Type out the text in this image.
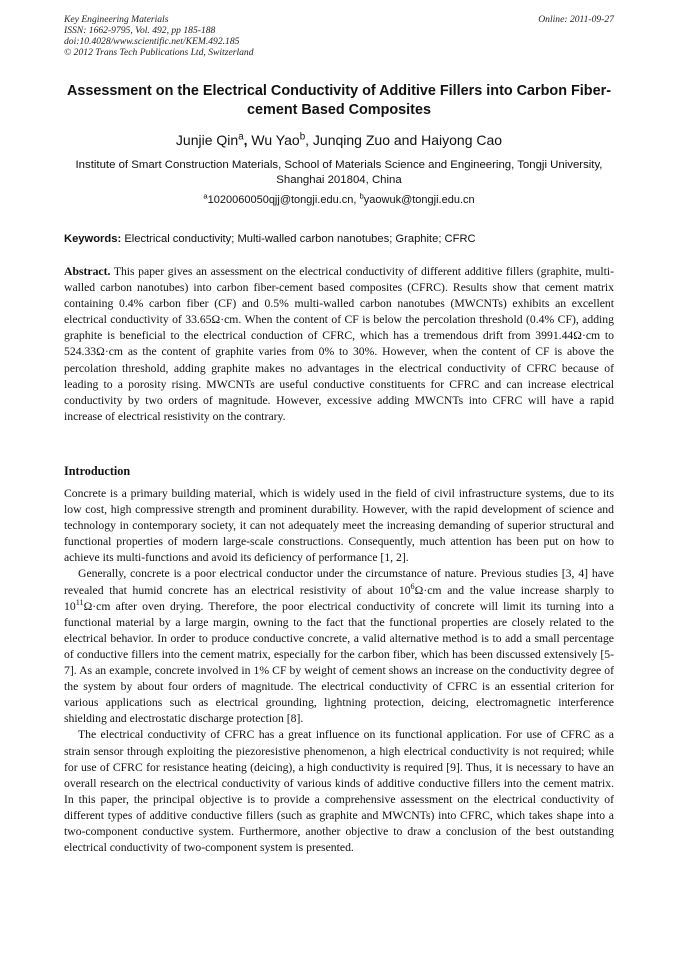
Key Engineering Materials
ISSN: 1662-9795, Vol. 492, pp 185-188
doi:10.4028/www.scientific.net/KEM.492.185
© 2012 Trans Tech Publications Ltd, Switzerland
Online: 2011-09-27
Assessment on the Electrical Conductivity of Additive Fillers into Carbon Fiber-cement Based Composites
Junjie Qin$^a$, Wu Yao$^b$, Junqing Zuo and Haiyong Cao
Institute of Smart Construction Materials, School of Materials Science and Engineering, Tongji University, Shanghai 201804, China
$^a$1020060050qjj@tongji.edu.cn, $^b$yaowuk@tongji.edu.cn
Keywords: Electrical conductivity; Multi-walled carbon nanotubes; Graphite; CFRC
Abstract. This paper gives an assessment on the electrical conductivity of different additive fillers (graphite, multi-walled carbon nanotubes) into carbon fiber-cement based composites (CFRC). Results show that cement matrix containing 0.4% carbon fiber (CF) and 0.5% multi-walled carbon nanotubes (MWCNTs) exhibits an excellent electrical conductivity of 33.65Ω·cm. When the content of CF is below the percolation threshold (0.4% CF), adding graphite is beneficial to the electrical conduction of CFRC, which has a tremendous drift from 3991.44Ω·cm to 524.33Ω·cm as the content of graphite varies from 0% to 30%. However, when the content of CF is above the percolation threshold, adding graphite makes no advantages in the electrical conductivity of CFRC because of leading to a porosity rising. MWCNTs are useful conductive constituents for CFRC and can increase electrical conductivity by two orders of magnitude. However, excessive adding MWCNTs into CFRC will have a rapid increase of electrical resistivity on the contrary.
Introduction

Concrete is a primary building material, which is widely used in the field of civil infrastructure systems, due to its low cost, high compressive strength and prominent durability. However, with the rapid development of science and technology in contemporary society, it can not adequately meet the increasing demanding of superior structural and functional properties of modern large-scale constructions. Consequently, much attention has been put on how to achieve its multi-functions and avoid its deficiency of performance [1, 2].

Generally, concrete is a poor electrical conductor under the circumstance of nature. Previous studies [3, 4] have revealed that humid concrete has an electrical resistivity of about $10^6\Omega\cdot cm$ and the value increase sharply to $10^{11}\Omega\cdot cm$ after oven drying. Therefore, the poor electrical conductivity of concrete will limit its turning into a functional material by a large margin, owning to the fact that the functional properties are closely related to the electrical behavior. In order to produce conductive concrete, a valid alternative method is to add a small percentage of conductive fillers into the cement matrix, especially for the carbon fiber, which has been discussed extensively [5-7]. As an example, concrete involved in 1% CF by weight of cement shows an increase on the conductivity degree of the system by about four orders of magnitude. The electrical conductivity of CFRC is an essential criterion for various applications such as electrical grounding, lightning protection, deicing, electromagnetic interference shielding and electrostatic discharge protection [8].

The electrical conductivity of CFRC has a great influence on its functional application. For use of CFRC as a strain sensor through exploiting the piezoresistive phenomenon, a high electrical conductivity is not required; while for use of CFRC for resistance heating (deicing), a high conductivity is required [9]. Thus, it is necessary to have an overall research on the electrical conductivity of various kinds of additive conductive fillers into the cement matrix. In this paper, the principal objective is to provide a comprehensive assessment on the electrical conductivity of different types of additive conductive fillers (such as graphite and MWCNTs) into CFRC, which takes shape into a two-component conductive system. Furthermore, another objective to draw a conclusion of the best outstanding electrical conductivity of two-component system is presented.
